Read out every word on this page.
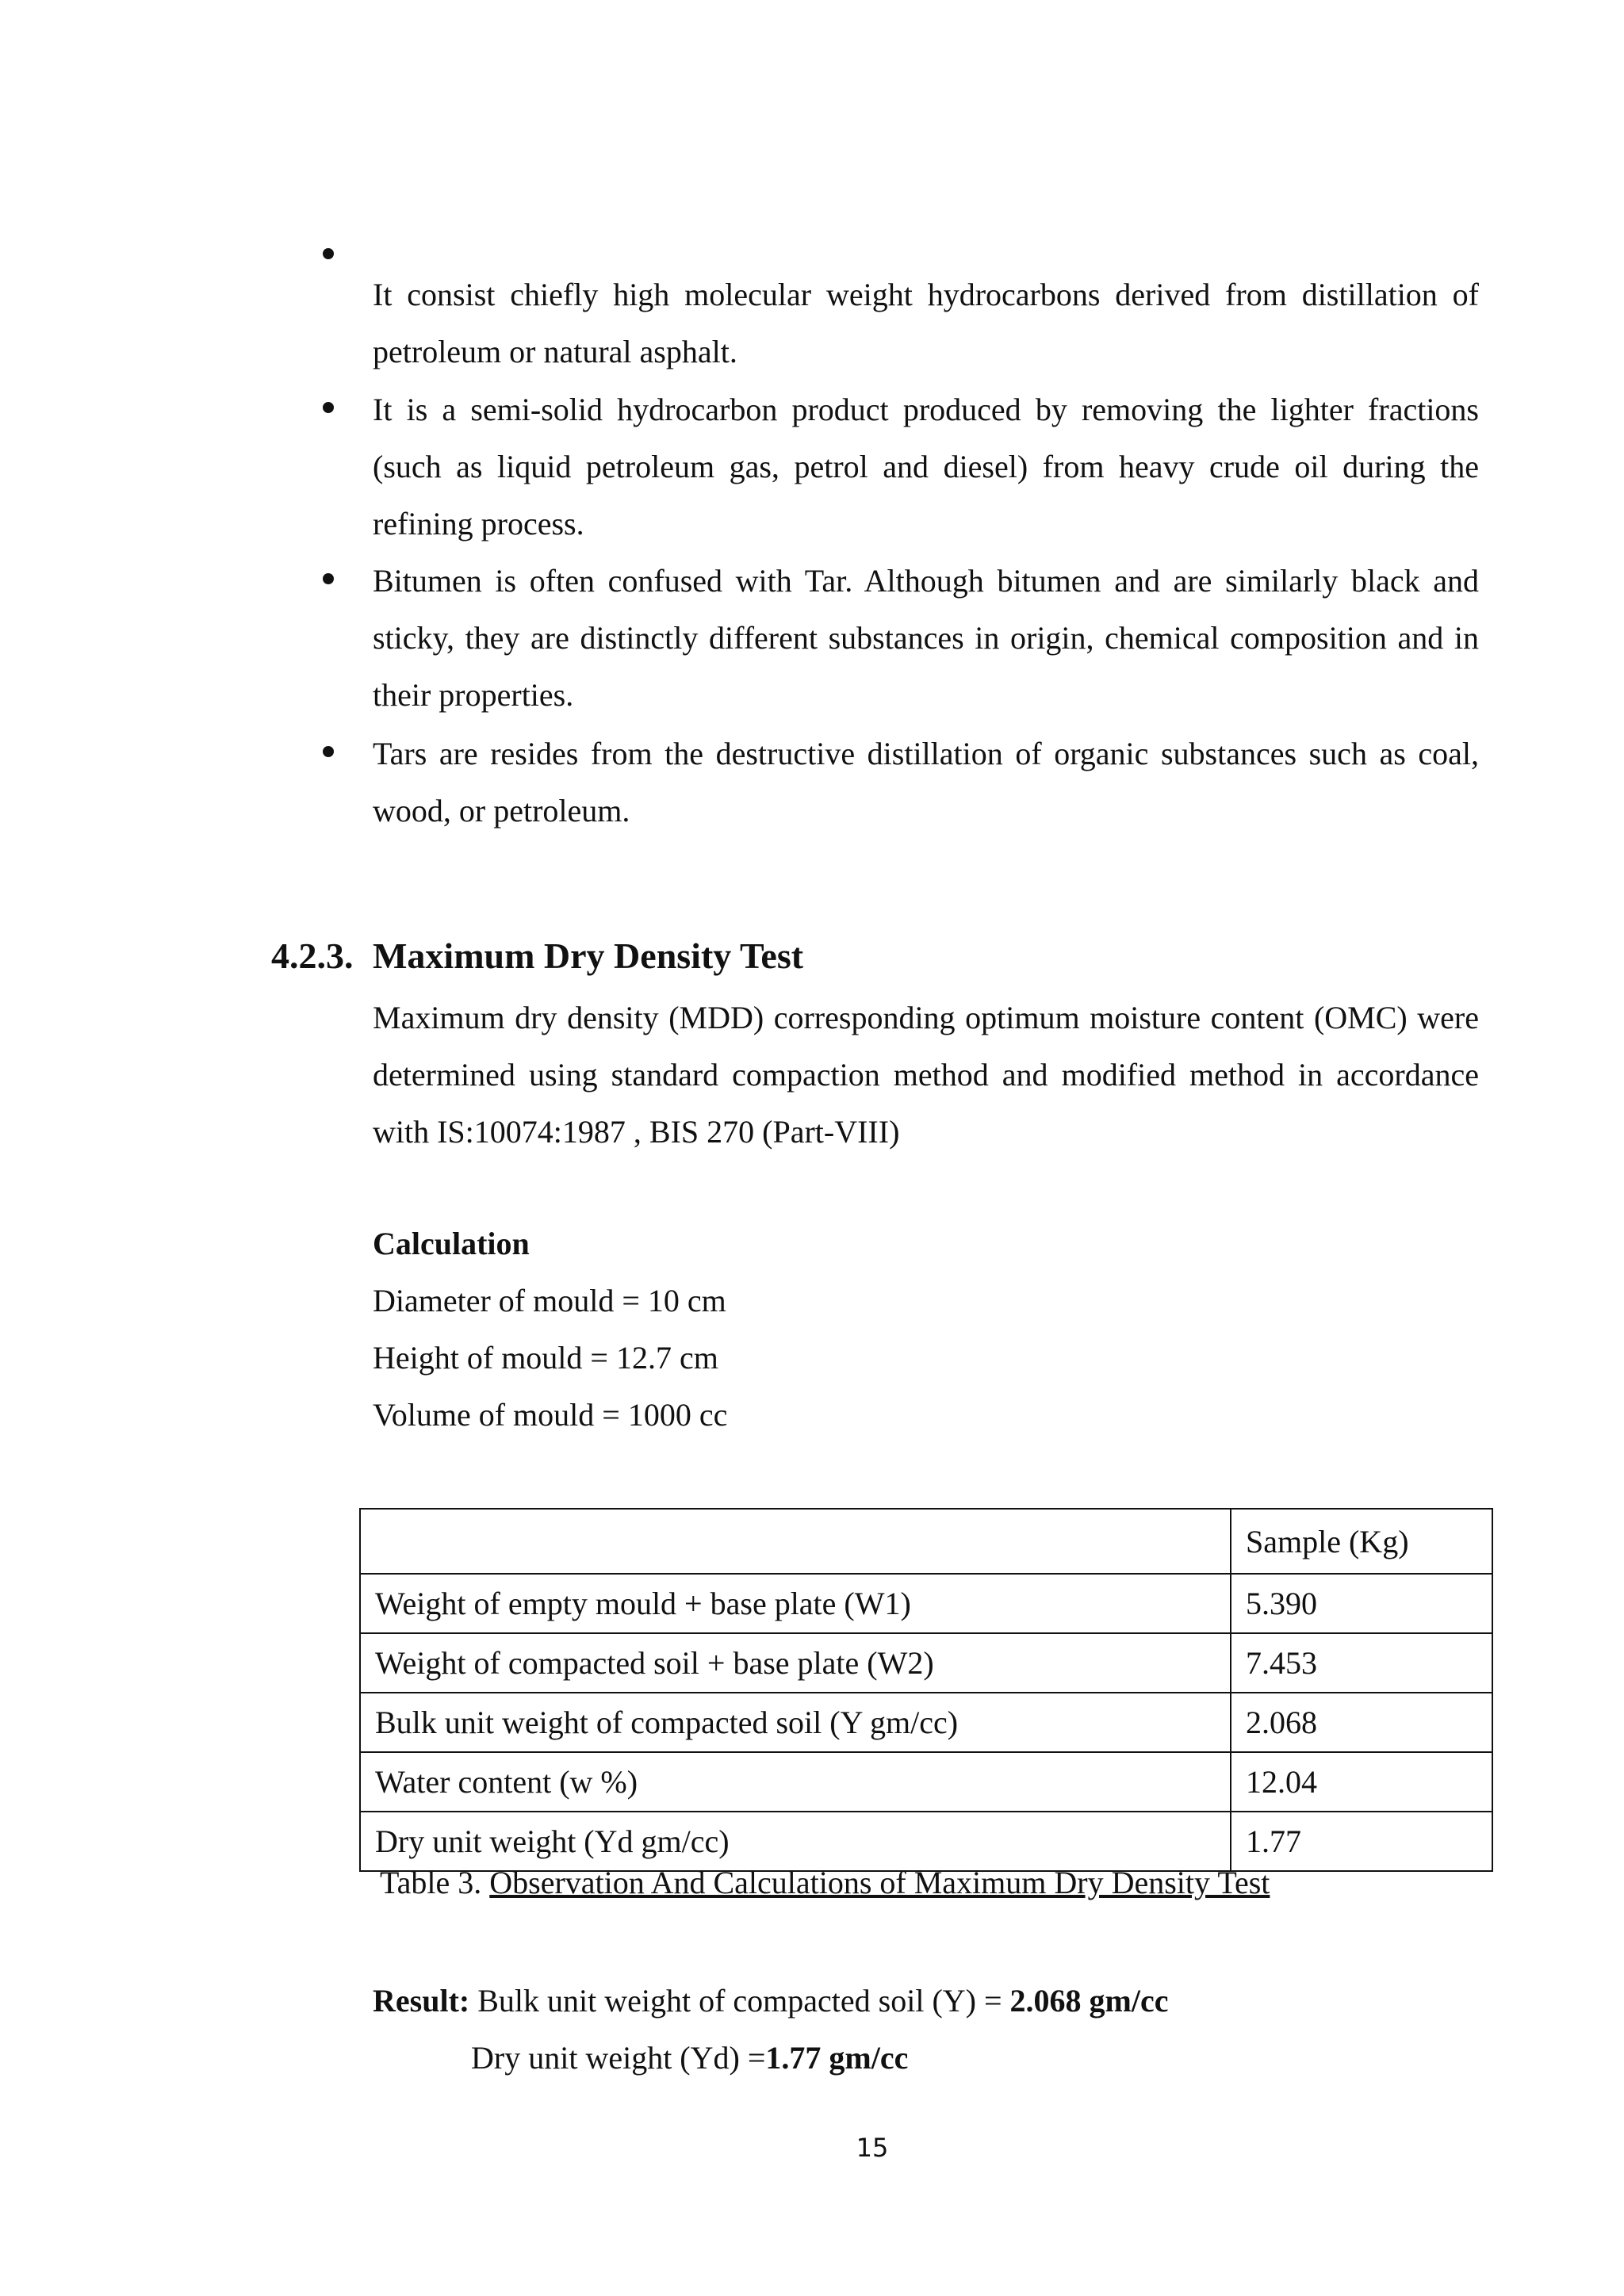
It consist chiefly high molecular weight hydrocarbons derived from distillation of petroleum or natural asphalt.

It is a semi-solid hydrocarbon product produced by removing the lighter fractions (such as liquid petroleum gas, petrol and diesel) from heavy crude oil during the refining process.

Bitumen is often confused with Tar. Although bitumen and are similarly black and sticky, they are distinctly different substances in origin, chemical composition and in their properties.

Tars are resides from the destructive distillation of organic substances such as coal, wood, or petroleum.

4.2.3. Maximum Dry Density Test

Maximum dry density (MDD) corresponding optimum moisture content (OMC) were determined using standard compaction method and modified method in accordance with IS:10074:1987 , BIS 270 (Part-VIII)

Calculation

Diameter of mould = 10 cm

Height of mould = 12.7 cm

Volume of mould = 1000 cc

	Sample (Kg)
Weight of empty mould + base plate (W1)	5.390
Weight of compacted soil + base plate (W2)	7.453
Bulk unit weight of compacted soil (Y gm/cc)	2.068
Water content (w %)	12.04
Dry unit weight (Yd gm/cc)	1.77
Table 3. Observation And Calculations of Maximum Dry Density Test

Result: Bulk unit weight of compacted soil (Y) = 2.068 gm/cc

Dry unit weight (Yd) =1.77 gm/cc

15
